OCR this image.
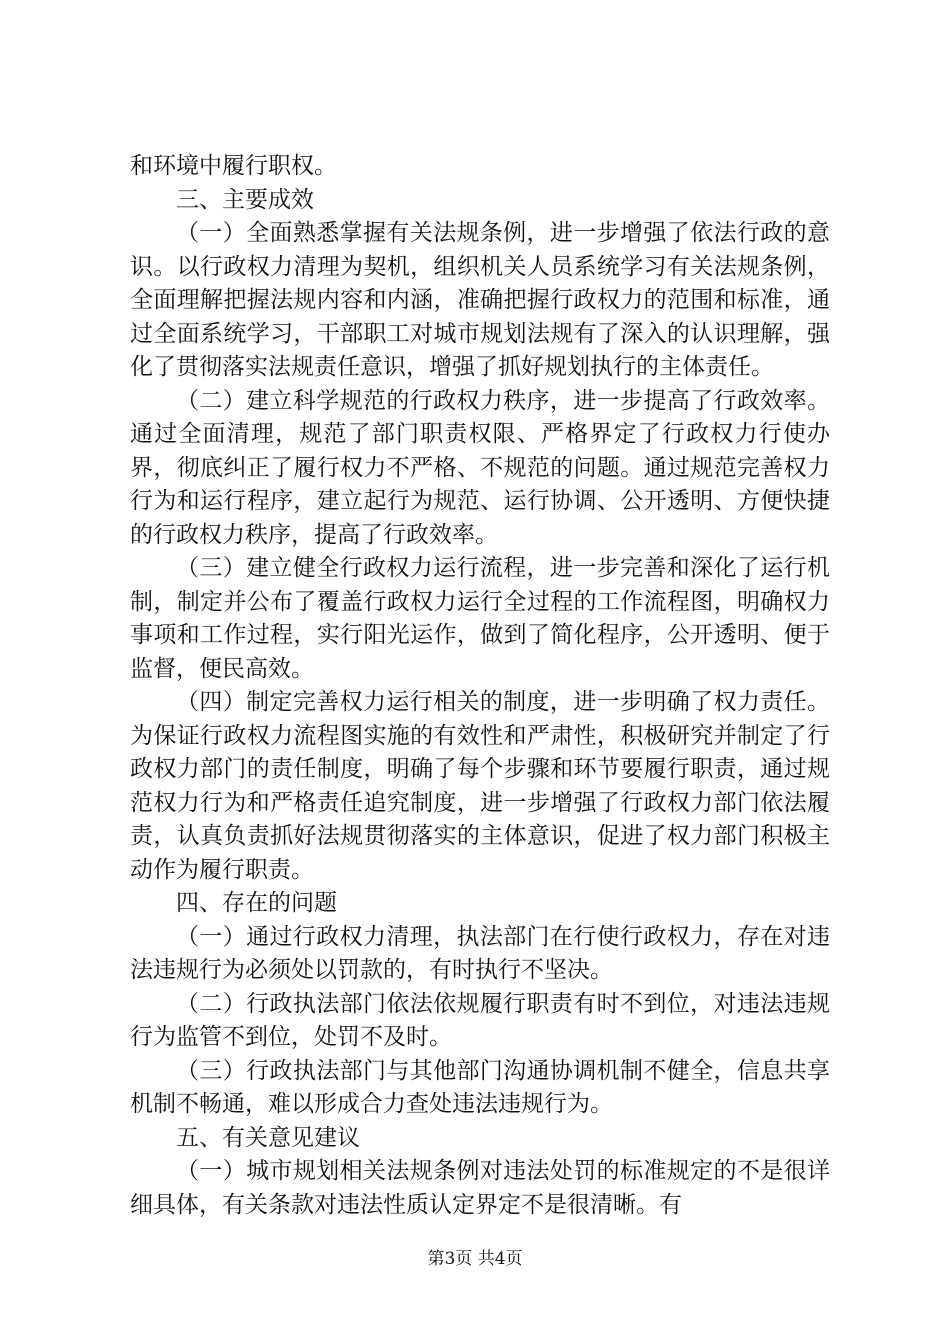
和环境中履行职权。

三、主要成效

（一）全面熟悉掌握有关法规条例，进一步增强了依法行政的意识。以行政权力清理为契机，组织机关人员系统学习有关法规条例，全面理解把握法规内容和内涵，准确把握行政权力的范围和标准，通过全面系统学习，干部职工对城市规划法规有了深入的认识理解，强化了贯彻落实法规责任意识，增强了抓好规划执行的主体责任。

（二）建立科学规范的行政权力秩序，进一步提高了行政效率。通过全面清理，规范了部门职责权限、严格界定了行政权力行使办界，彻底纠正了履行权力不严格、不规范的问题。通过规范完善权力行为和运行程序，建立起行为规范、运行协调、公开透明、方便快捷的行政权力秩序，提高了行政效率。

（三）建立健全行政权力运行流程，进一步完善和深化了运行机制，制定并公布了覆盖行政权力运行全过程的工作流程图，明确权力事项和工作过程，实行阳光运作，做到了简化程序，公开透明、便于监督，便民高效。

（四）制定完善权力运行相关的制度，进一步明确了权力责任。为保证行政权力流程图实施的有效性和严肃性，积极研究并制定了行政权力部门的责任制度，明确了每个步骤和环节要履行职责，通过规范权力行为和严格责任追究制度，进一步增强了行政权力部门依法履责，认真负责抓好法规贯彻落实的主体意识，促进了权力部门积极主动作为履行职责。

四、存在的问题

（一）通过行政权力清理，执法部门在行使行政权力，存在对违法违规行为必须处以罚款的，有时执行不坚决。

（二）行政执法部门依法依规履行职责有时不到位，对违法违规行为监管不到位，处罚不及时。

（三）行政执法部门与其他部门沟通协调机制不健全，信息共享机制不畅通，难以形成合力查处违法违规行为。

五、有关意见建议

（一）城市规划相关法规条例对违法处罚的标准规定的不是很详细具体，有关条款对违法性质认定界定不是很清晰。有

第3页 共4页
